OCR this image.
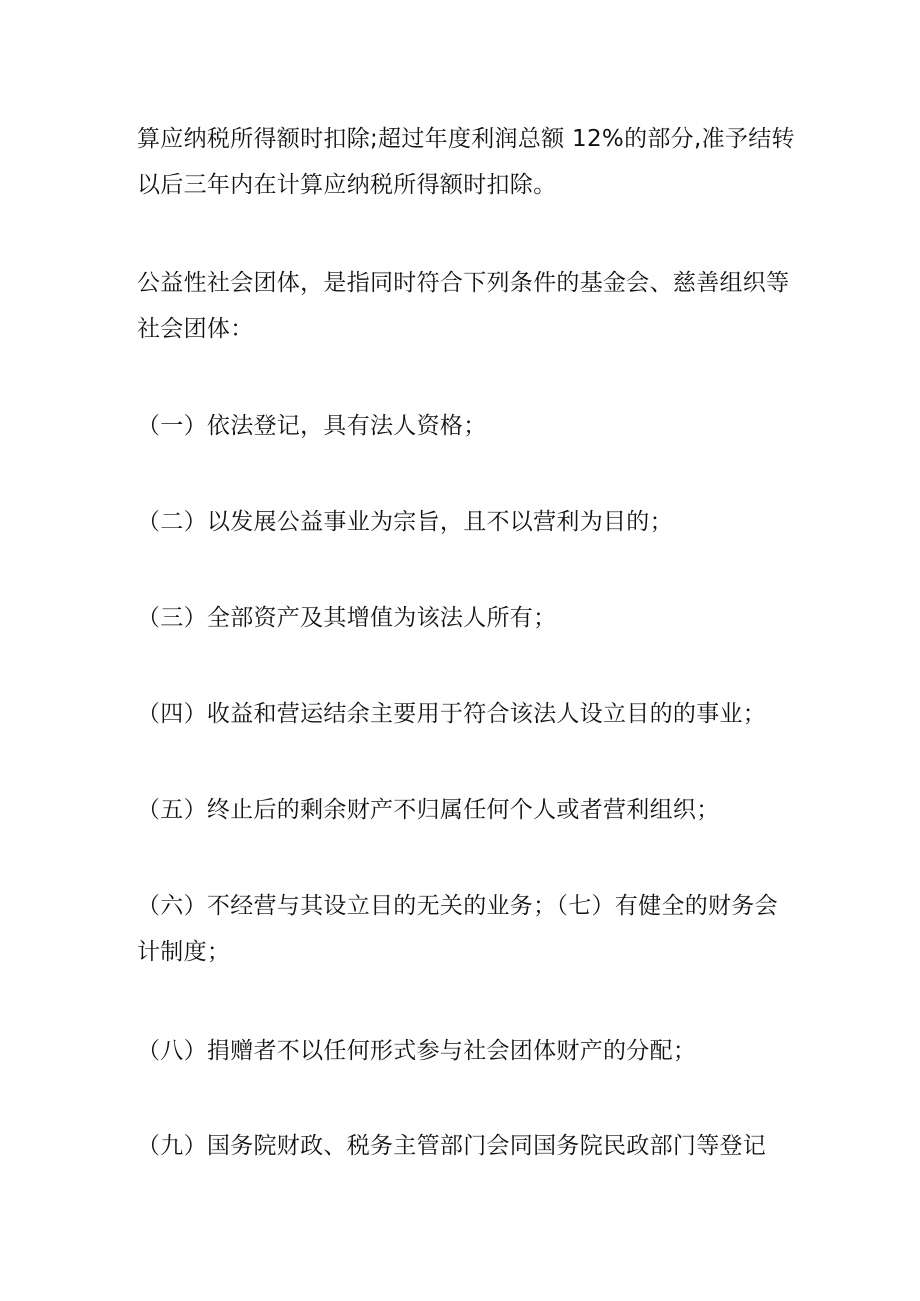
算应纳税所得额时扣除;超过年度利润总额 12%的部分,准予结转
以后三年内在计算应纳税所得额时扣除。

公益性社会团体，是指同时符合下列条件的基金会、慈善组织等
社会团体：

（一）依法登记，具有法人资格；

（二）以发展公益事业为宗旨，且不以营利为目的；

（三）全部资产及其增值为该法人所有；

（四）收益和营运结余主要用于符合该法人设立目的的事业；

（五）终止后的剩余财产不归属任何个人或者营利组织；

（六）不经营与其设立目的无关的业务；（七）有健全的财务会
计制度；

（八）捐赠者不以任何形式参与社会团体财产的分配；

（九）国务院财政、税务主管部门会同国务院民政部门等登记
